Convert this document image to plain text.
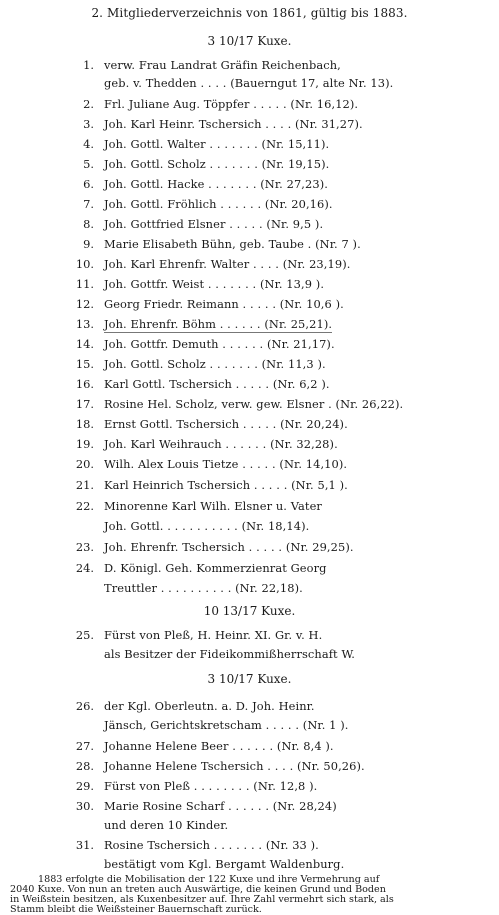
2. Mitgliederverzeichnis von 1861, gültig bis 1883.
3 10/17 Kuxe.
1. verw. Frau Landrat Gräfin Reichenbach,
geb. v. Thedden . . . . (Bauerngut 17, alte Nr. 13).
2. Frl. Juliane Aug. Töppfer . . . . . (Nr. 16,12).
3. Joh. Karl Heinr. Tschersich . . . . (Nr. 31,27).
4. Joh. Gottl. Walter . . . . . . . (Nr. 15,11).
5. Joh. Gottl. Scholz . . . . . . . (Nr. 19,15).
6. Joh. Gottl. Hacke . . . . . . . (Nr. 27,23).
7. Joh. Gottl. Fröhlich . . . . . . (Nr. 20,16).
8. Joh. Gottfried Elsner . . . . . (Nr. 9,5 ).
9. Marie Elisabeth Bühn, geb. Taube . (Nr. 7 ).
10. Joh. Karl Ehrenfr. Walter . . . . (Nr. 23,19).
11. Joh. Gottfr. Weist . . . . . . . (Nr. 13,9 ).
12. Georg Friedr. Reimann . . . . . (Nr. 10,6 ).
13. Joh. Ehrenfr. Böhm . . . . . . (Nr. 25,21).
14. Joh. Gottfr. Demuth . . . . . . (Nr. 21,17).
15. Joh. Gottl. Scholz . . . . . . . (Nr. 11,3 ).
16. Karl Gottl. Tschersich . . . . . (Nr. 6,2 ).
17. Rosine Hel. Scholz, verw. gew. Elsner . (Nr. 26,22).
18. Ernst Gottl. Tschersich . . . . . (Nr. 20,24).
19. Joh. Karl Weihrauch . . . . . . (Nr. 32,28).
20. Wilh. Alex Louis Tietze . . . . . (Nr. 14,10).
21. Karl Heinrich Tschersich . . . . . (Nr. 5,1 ).
22. Minorenne Karl Wilh. Elsner u. Vater
Joh. Gottl. . . . . . . . . . . (Nr. 18,14).
23. Joh. Ehrenfr. Tschersich . . . . . (Nr. 29,25).
24. D. Königl. Geh. Kommerzienrat Georg
Treuttler . . . . . . . . . . (Nr. 22,18).
10 13/17 Kuxe.
25. Fürst von Pleß, H. Heinr. XI. Gr. v. H.
als Besitzer der Fideikommißherrschaft W.
3 10/17 Kuxe.
26. der Kgl. Oberleutn. a. D. Joh. Heinr.
Jänsch, Gerichtskretscham . . . . . (Nr. 1 ).
27. Johanne Helene Beer . . . . . . (Nr. 8,4 ).
28. Johanne Helene Tschersich . . . . (Nr. 50,26).
29. Fürst von Pleß . . . . . . . . (Nr. 12,8 ).
30. Marie Rosine Scharf . . . . . . (Nr. 28,24)
und deren 10 Kinder.
31. Rosine Tschersich . . . . . . . (Nr. 33 ).
bestätigt vom Kgl. Bergamt Waldenburg.
1883 erfolgte die Mobilisation der 122 Kuxe und ihre Vermehrung auf
2040 Kuxe. Von nun an treten auch Auswärtige, die keinen Grund und Boden
in Weißstein besitzen, als Kuxenbesitzer auf. Ihre Zahl vermehrt sich stark, als
Stamm bleibt die Weißsteiner Bauernschaft zurück.
